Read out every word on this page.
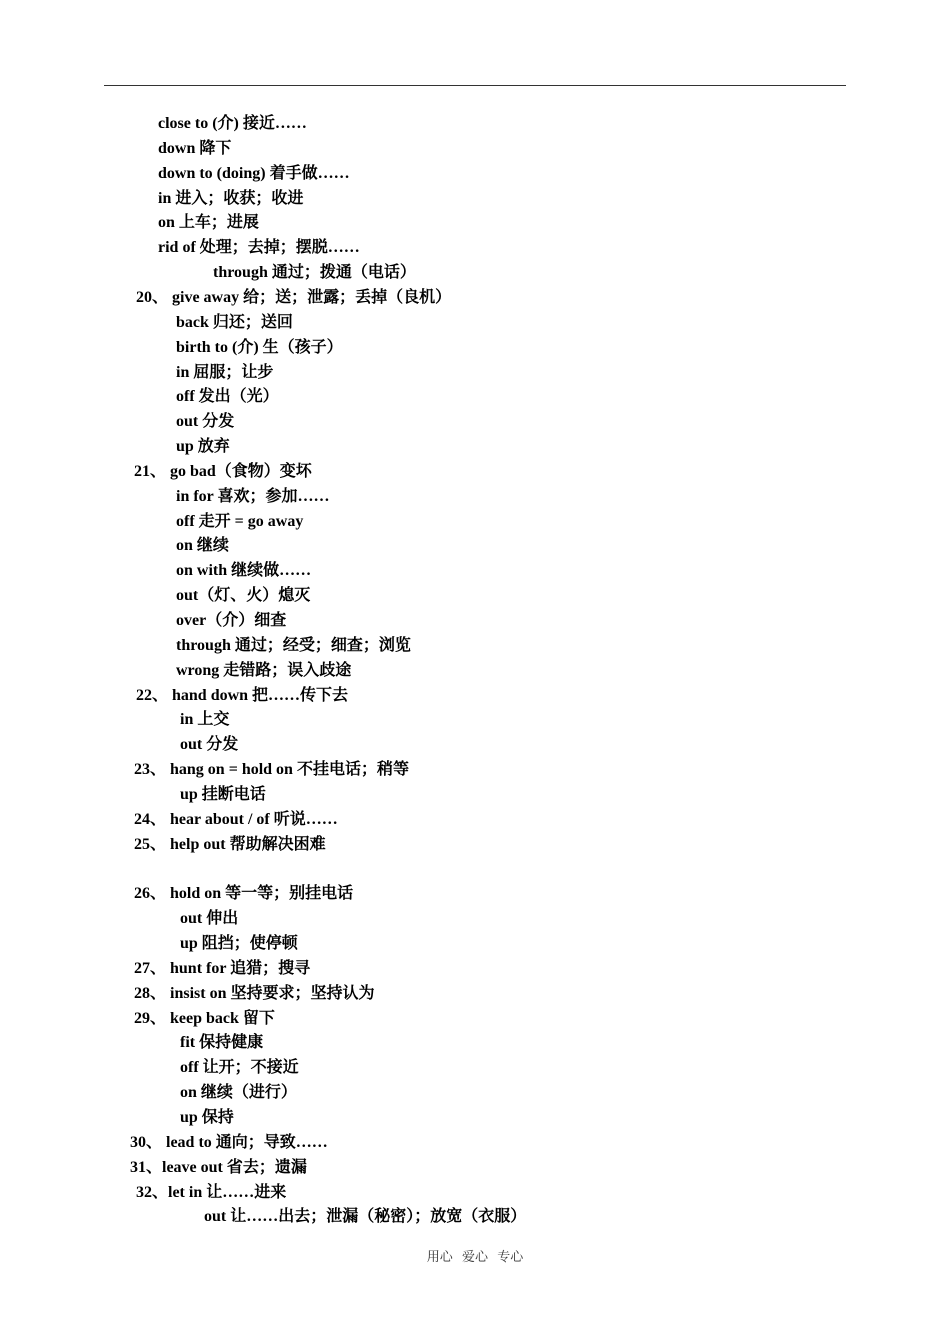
close to (介) 接近……
down 降下
down to (doing) 着手做……
in 进入；收获；收进
on 上车；进展
rid of 处理；去掉；摆脱……
through 通过；拨通（电话）
20、 give away 给；送；泄露；丢掉（良机）
back 归还；送回
birth to (介) 生（孩子）
in 屈服；让步
off 发出（光）
out 分发
up 放弃
21、 go bad（食物）变坏
in for 喜欢；参加……
off 走开 = go away
on 继续
on with 继续做……
out（灯、火）熄灭
over（介）细查
through 通过；经受；细查；浏览
wrong 走错路；误入歧途
22、 hand down 把……传下去
in 上交
out 分发
23、 hang on = hold on 不挂电话；稍等
up 挂断电话
24、 hear about / of 听说……
25、 help out 帮助解决困难
26、 hold on 等一等；别挂电话
out 伸出
up 阻挡；使停顿
27、 hunt for 追猎；搜寻
28、 insist on 坚持要求；坚持认为
29、 keep back 留下
fit 保持健康
off 让开；不接近
on 继续（进行）
up 保持
30、 lead to 通向；导致……
31、leave out 省去；遗漏
32、let in 让……进来
out 让……出去；泄漏（秘密）；放宽（衣服）
用心 爱心 专心
